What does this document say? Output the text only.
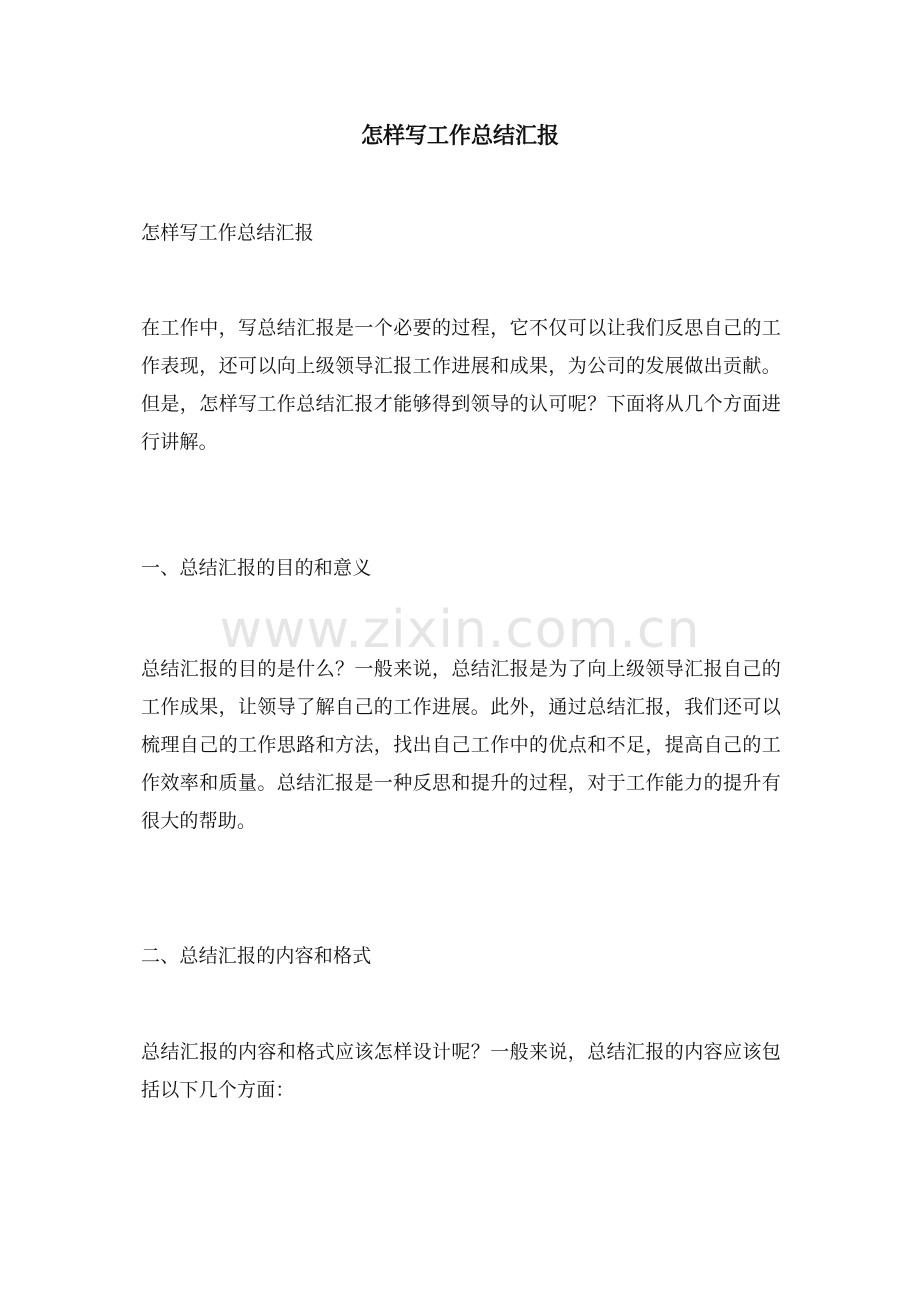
怎样写工作总结汇报
怎样写工作总结汇报
在工作中，写总结汇报是一个必要的过程，它不仅可以让我们反思自己的工作表现，还可以向上级领导汇报工作进展和成果，为公司的发展做出贡献。但是，怎样写工作总结汇报才能够得到领导的认可呢？下面将从几个方面进行讲解。
一、总结汇报的目的和意义
www.zixin.com.cn
总结汇报的目的是什么？一般来说，总结汇报是为了向上级领导汇报自己的工作成果，让领导了解自己的工作进展。此外，通过总结汇报，我们还可以梳理自己的工作思路和方法，找出自己工作中的优点和不足，提高自己的工作效率和质量。总结汇报是一种反思和提升的过程，对于工作能力的提升有很大的帮助。
二、总结汇报的内容和格式
总结汇报的内容和格式应该怎样设计呢？一般来说，总结汇报的内容应该包括以下几个方面：
